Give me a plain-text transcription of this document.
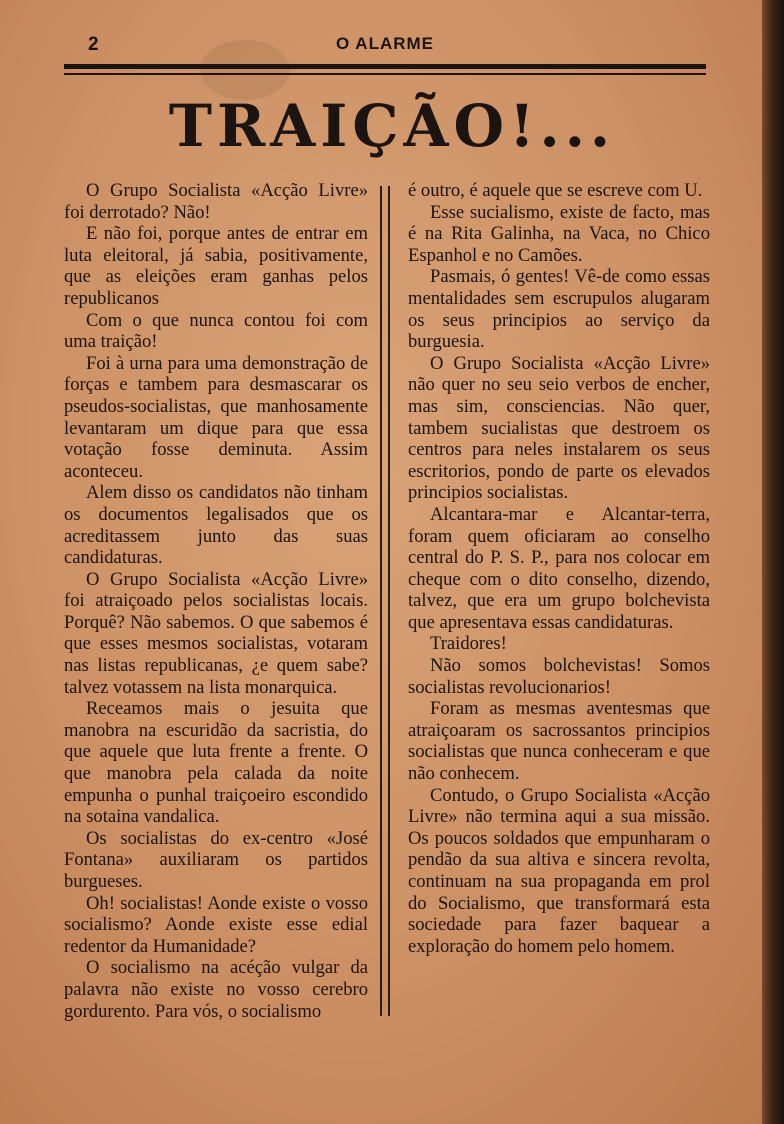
2	O ALARME
TRAIÇÃO!...

O Grupo Socialista «Acção Livre» foi derrotado? Não!

E não foi, porque antes de entrar em luta eleitoral, já sabia, positivamente, que as eleições eram ganhas pelos republicanos

Com o que nunca contou foi com uma traição!

Foi à urna para uma demonstração de forças e tambem para desmascarar os pseudos-socialistas, que manhosamente levantaram um dique para que essa votação fosse deminuta. Assim aconteceu.

Alem disso os candidatos não tinham os documentos legalisados que os acreditassem junto das suas candidaturas.

O Grupo Socialista «Acção Livre» foi atraiçoado pelos socialistas locais. Porquê? Não sabemos. O que sabemos é que esses mesmos socialistas, votaram nas listas republicanas, ¿e quem sabe? talvez votassem na lista monarquica.

Receamos mais o jesuita que manobra na escuridão da sacristia, do que aquele que luta frente a frente. O que manobra pela calada da noite empunha o punhal traiçoeiro escondido na sotaina vandalica.

Os socialistas do ex-centro «José Fontana» auxiliaram os partidos burgueses.

Oh! socialistas! Aonde existe o vosso socialismo? Aonde existe esse edial redentor da Humanidade?

O socialismo na acéção vulgar da palavra não existe no vosso cerebro gordurento. Para vós, o socialismo

é outro, é aquele que se escreve com U.

Esse sucialismo, existe de facto, mas é na Rita Galinha, na Vaca, no Chico Espanhol e no Camões.

Pasmais, ó gentes! Vê-de como essas mentalidades sem escrupulos alugaram os seus principios ao serviço da burguesia.

O Grupo Socialista «Acção Livre» não quer no seu seio verbos de encher, mas sim, consciencias. Não quer, tambem sucialistas que destroem os centros para neles instalarem os seus escritorios, pondo de parte os elevados principios socialistas.

Alcantara-mar e Alcantar-terra, foram quem oficiaram ao conselho central do P. S. P., para nos colocar em cheque com o dito conselho, dizendo, talvez, que era um grupo bolchevista que apresentava essas candidaturas.

Traidores!

Não somos bolchevistas! Somos socialistas revolucionarios!

Foram as mesmas aventesmas que atraiçoaram os sacrossantos principios socialistas que nunca conheceram e que não conhecem.

Contudo, o Grupo Socialista «Acção Livre» não termina aqui a sua missão. Os poucos soldados que empunharam o pendão da sua altiva e sincera revolta, continuam na sua propaganda em prol do Socialismo, que transformará esta sociedade para fazer baquear a exploração do homem pelo homem.
